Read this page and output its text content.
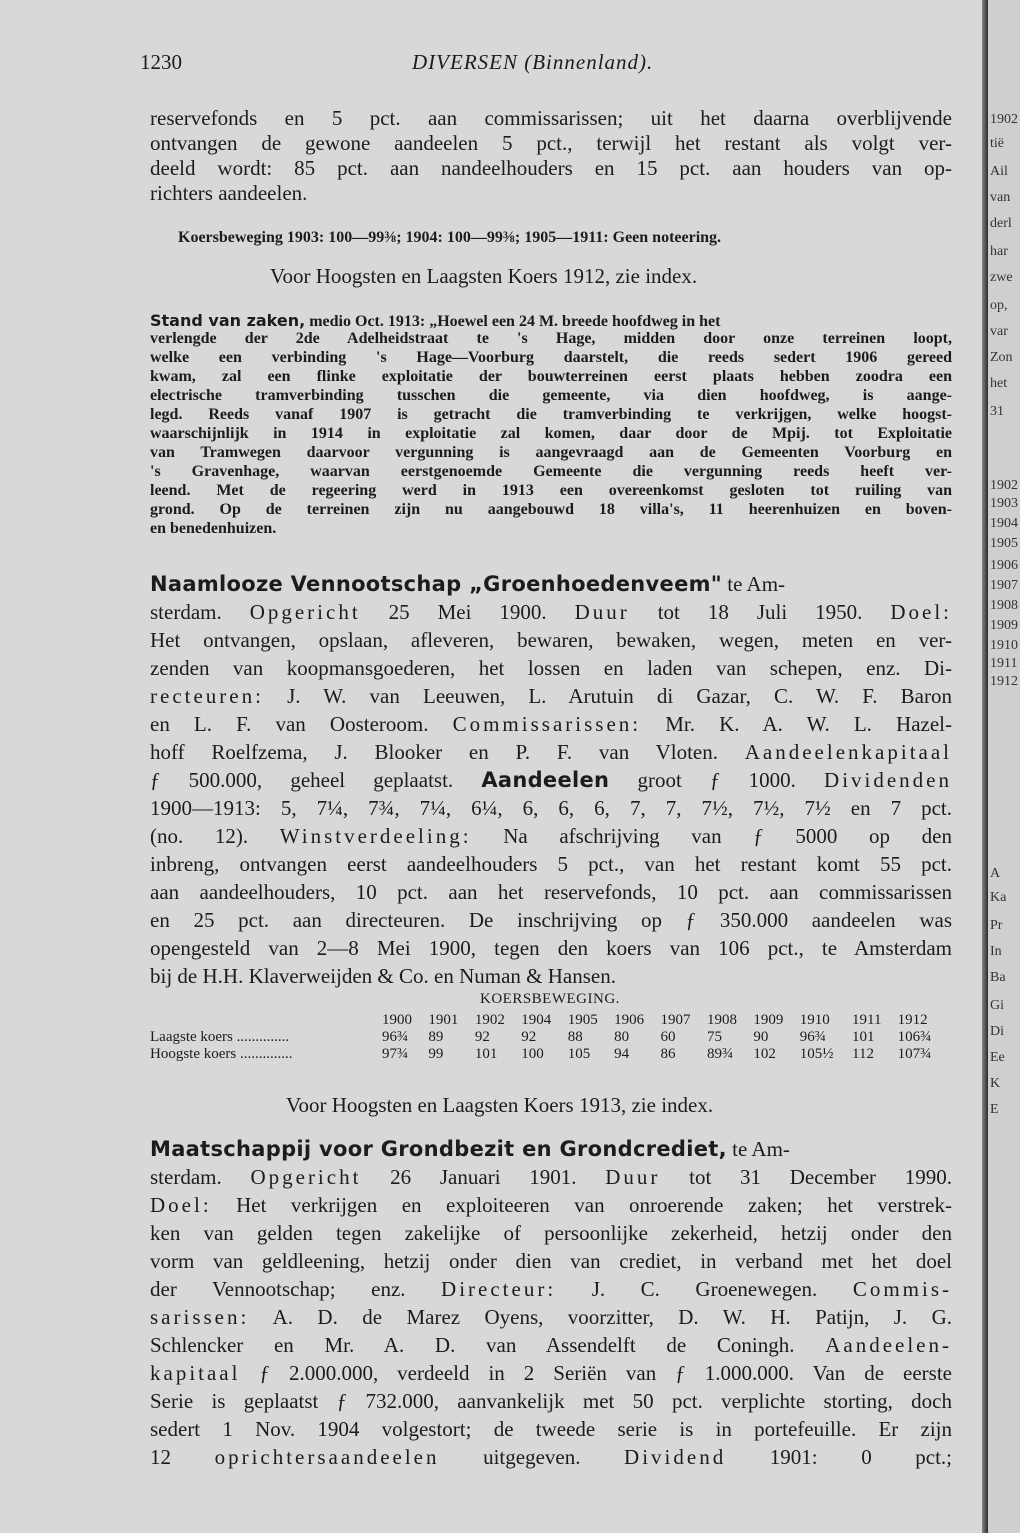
1230	DIVERSEN (Binnenland).
reservefonds en 5 pct. aan commissarissen; uit het daarna overblijvende
ontvangen de gewone aandeelen 5 pct., terwijl het restant als volgt ver-
deeld wordt: 85 pct. aan nandeelhouders en 15 pct. aan houders van op-
richters aandeelen.
Koersbeweging 1903: 100—99⅜; 1904: 100—99⅜; 1905—1911: Geen noteering.
Voor Hoogsten en Laagsten Koers 1912, zie index.
Stand van zaken, medio Oct. 1913: „Hoewel een 24 M. breede hoofdweg in het
verlengde der 2de Adelheidstraat te 's Hage, midden door onze terreinen loopt,
welke een verbinding 's Hage—Voorburg daarstelt, die reeds sedert 1906 gereed
kwam, zal een flinke exploitatie der bouwterreinen eerst plaats hebben zoodra een
electrische tramverbinding tusschen die gemeente, via dien hoofdweg, is aange-
legd. Reeds vanaf 1907 is getracht die tramverbinding te verkrijgen, welke hoogst-
waarschijnlijk in 1914 in exploitatie zal komen, daar door de Mpij. tot Exploitatie
van Tramwegen daarvoor vergunning is aangevraagd aan de Gemeenten Voorburg en
's Gravenhage, waarvan eerstgenoemde Gemeente die vergunning reeds heeft ver-
leend. Met de regeering werd in 1913 een overeenkomst gesloten tot ruiling van
grond. Op de terreinen zijn nu aangebouwd 18 villa's, 11 heerenhuizen en boven-
en benedenhuizen.
Naamlooze Vennootschap „Groenhoedenveem" te Am-
sterdam. Opgericht 25 Mei 1900. Duur tot 18 Juli 1950. Doel:
Het ontvangen, opslaan, afleveren, bewaren, bewaken, wegen, meten en ver-
zenden van koopmansgoederen, het lossen en laden van schepen, enz. Di-
recteuren: J. W. van Leeuwen, L. Arutuin di Gazar, C. W. F. Baron
en L. F. van Oosteroom. Commissarissen: Mr. K. A. W. L. Hazel-
hoff Roelfzema, J. Blooker en P. F. van Vloten. Aandeelenkapitaal
ƒ 500.000, geheel geplaatst. Aandeelen groot ƒ 1000. Dividenden
1900—1913: 5, 7¼, 7¾, 7¼, 6¼, 6, 6, 6, 7, 7, 7½, 7½, 7½ en 7 pct.
(no. 12). Winstverdeeling: Na afschrijving van ƒ 5000 op den
inbreng, ontvangen eerst aandeelhouders 5 pct., van het restant komt 55 pct.
aan aandeelhouders, 10 pct. aan het reservefonds, 10 pct. aan commissarissen
en 25 pct. aan directeuren. De inschrijving op ƒ 350.000 aandeelen was
opengesteld van 2—8 Mei 1900, tegen den koers van 106 pct., te Amsterdam
bij de H.H. Klaverweijden & Co. en Numan & Hansen.
KOERSBEWEGING.
	1900	1901	1902	1904	1905	1906	1907	1908	1909	1910	1911	1912
Laagste koers ..............	96¾	89	92	92	88	80	60	75	90	96¾	101	106¾
Hoogste koers ..............	97¾	99	101	100	105	94	86	89¾	102	105½	112	107¾
Voor Hoogsten en Laagsten Koers 1913, zie index.
Maatschappij voor Grondbezit en Grondcrediet, te Am-
sterdam. Opgericht 26 Januari 1901. Duur tot 31 December 1990.
Doel: Het verkrijgen en exploiteeren van onroerende zaken; het verstrek-
ken van gelden tegen zakelijke of persoonlijke zekerheid, hetzij onder den
vorm van geldleening, hetzij onder dien van crediet, in verband met het doel
der Vennootschap; enz. Directeur: J. C. Groenewegen. Commis-
sarissen: A. D. de Marez Oyens, voorzitter, D. W. H. Patijn, J. G.
Schlencker en Mr. A. D. van Assendelft de Coningh. Aandeelen-
kapitaal ƒ 2.000.000, verdeeld in 2 Seriën van ƒ 1.000.000. Van de eerste
Serie is geplaatst ƒ 732.000, aanvankelijk met 50 pct. verplichte storting, doch
sedert 1 Nov. 1904 volgestort; de tweede serie is in portefeuille. Er zijn
12 oprichtersaandeelen uitgegeven. Dividend 1901: 0 pct.;
1902
tië
Ail
van
derl
har
zwe
op,
var
Zon
het
31
1902
1903
1904
1905
1906
1907
1908
1909
1910
1911
1912
A
Ka
Pr
In
Ba
Gi
Di
Ee
K
E
